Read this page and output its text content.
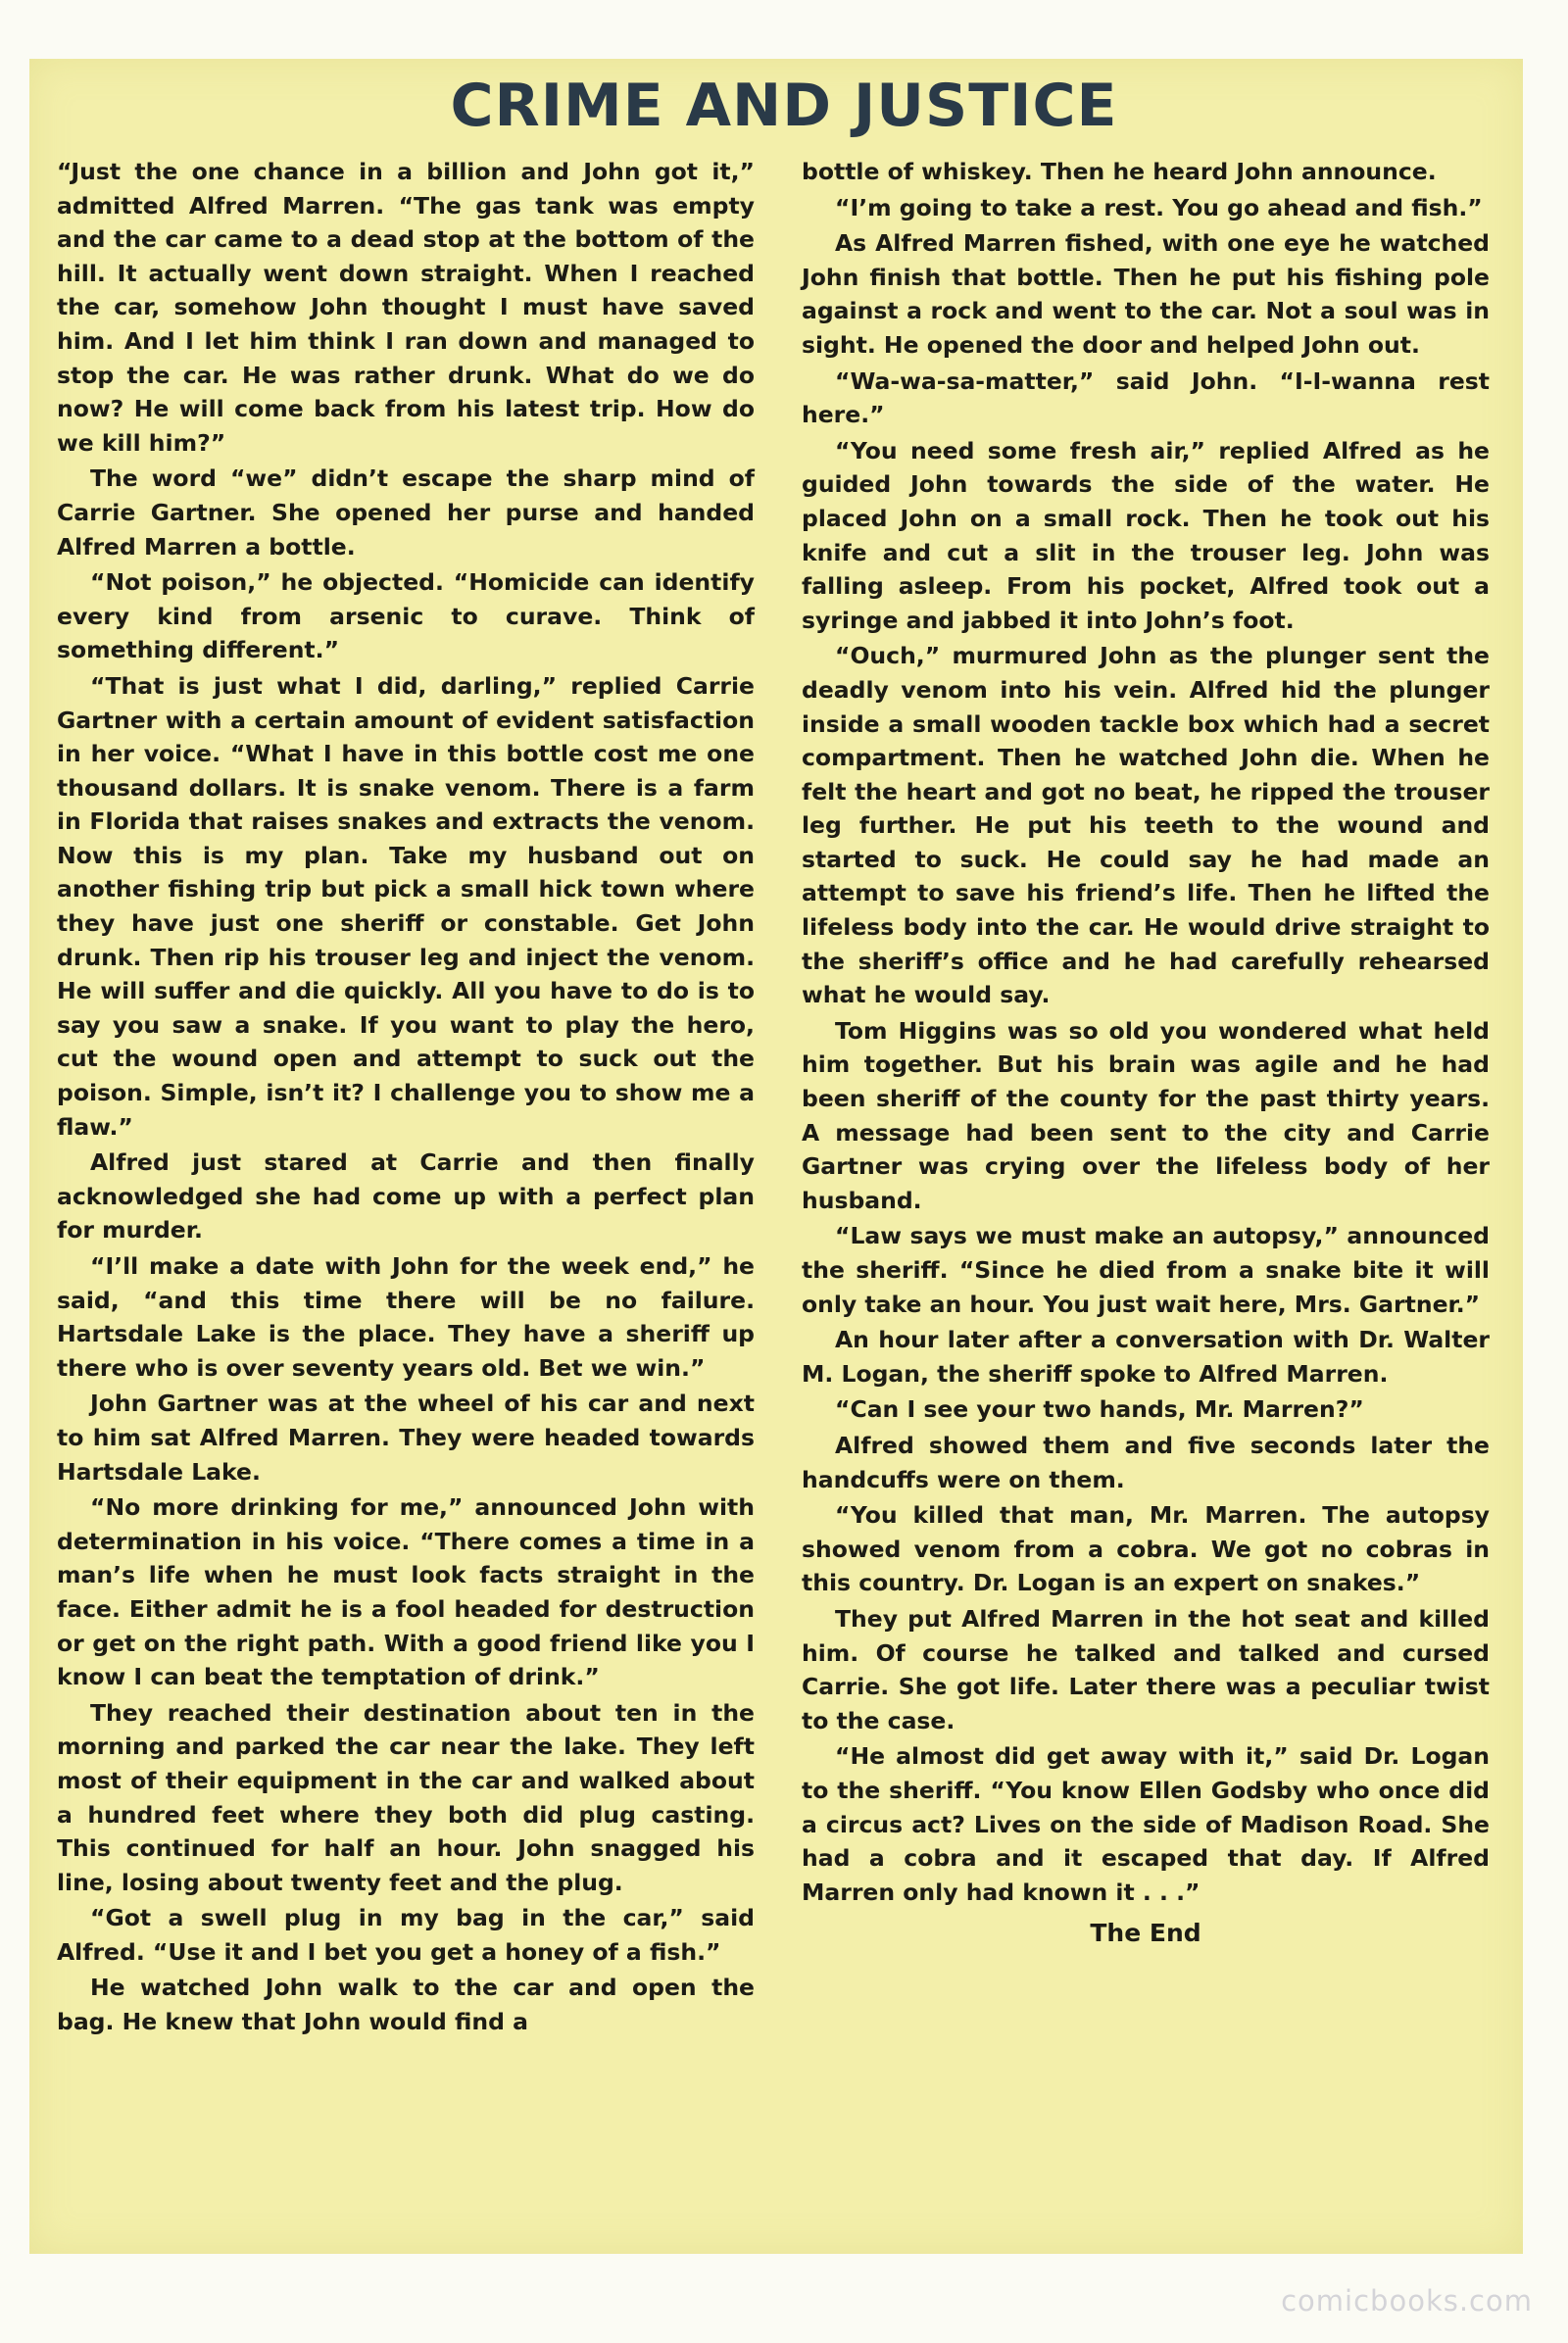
CRIME AND JUSTICE

“Just the one chance in a billion and John got it,” admitted Alfred Marren. “The gas tank was empty and the car came to a dead stop at the bottom of the hill. It actually went down straight. When I reached the car, somehow John thought I must have saved him. And I let him think I ran down and managed to stop the car. He was rather drunk. What do we do now? He will come back from his latest trip. How do we kill him?”

The word “we” didn’t escape the sharp mind of Carrie Gartner. She opened her purse and handed Alfred Marren a bottle.

“Not poison,” he objected. “Homicide can identify every kind from arsenic to curave. Think of something different.”

“That is just what I did, darling,” replied Carrie Gartner with a certain amount of evident satisfaction in her voice. “What I have in this bottle cost me one thousand dollars. It is snake venom. There is a farm in Florida that raises snakes and extracts the venom. Now this is my plan. Take my husband out on another fishing trip but pick a small hick town where they have just one sheriff or constable. Get John drunk. Then rip his trouser leg and inject the venom. He will suffer and die quickly. All you have to do is to say you saw a snake. If you want to play the hero, cut the wound open and attempt to suck out the poison. Simple, isn’t it? I challenge you to show me a flaw.”

Alfred just stared at Carrie and then finally acknowledged she had come up with a perfect plan for murder.

“I’ll make a date with John for the week end,” he said, “and this time there will be no failure. Hartsdale Lake is the place. They have a sheriff up there who is over seventy years old. Bet we win.”

John Gartner was at the wheel of his car and next to him sat Alfred Marren. They were headed towards Hartsdale Lake.

“No more drinking for me,” announced John with determination in his voice. “There comes a time in a man’s life when he must look facts straight in the face. Either admit he is a fool headed for destruction or get on the right path. With a good friend like you I know I can beat the temptation of drink.”

They reached their destination about ten in the morning and parked the car near the lake. They left most of their equipment in the car and walked about a hundred feet where they both did plug casting. This continued for half an hour. John snagged his line, losing about twenty feet and the plug.

“Got a swell plug in my bag in the car,” said Alfred. “Use it and I bet you get a honey of a fish.”

He watched John walk to the car and open the bag. He knew that John would find a

bottle of whiskey. Then he heard John announce.

“I’m going to take a rest. You go ahead and fish.”

As Alfred Marren fished, with one eye he watched John finish that bottle. Then he put his fishing pole against a rock and went to the car. Not a soul was in sight. He opened the door and helped John out.

“Wa-wa-sa-matter,” said John. “I-I-wanna rest here.”

“You need some fresh air,” replied Alfred as he guided John towards the side of the water. He placed John on a small rock. Then he took out his knife and cut a slit in the trouser leg. John was falling asleep. From his pocket, Alfred took out a syringe and jabbed it into John’s foot.

“Ouch,” murmured John as the plunger sent the deadly venom into his vein. Alfred hid the plunger inside a small wooden tackle box which had a secret compartment. Then he watched John die. When he felt the heart and got no beat, he ripped the trouser leg further. He put his teeth to the wound and started to suck. He could say he had made an attempt to save his friend’s life. Then he lifted the lifeless body into the car. He would drive straight to the sheriff’s office and he had carefully rehearsed what he would say.

Tom Higgins was so old you wondered what held him together. But his brain was agile and he had been sheriff of the county for the past thirty years. A message had been sent to the city and Carrie Gartner was crying over the lifeless body of her husband.

“Law says we must make an autopsy,” announced the sheriff. “Since he died from a snake bite it will only take an hour. You just wait here, Mrs. Gartner.”

An hour later after a conversation with Dr. Walter M. Logan, the sheriff spoke to Alfred Marren.

“Can I see your two hands, Mr. Marren?”

Alfred showed them and five seconds later the handcuffs were on them.

“You killed that man, Mr. Marren. The autopsy showed venom from a cobra. We got no cobras in this country. Dr. Logan is an expert on snakes.”

They put Alfred Marren in the hot seat and killed him. Of course he talked and talked and cursed Carrie. She got life. Later there was a peculiar twist to the case.

“He almost did get away with it,” said Dr. Logan to the sheriff. “You know Ellen Godsby who once did a circus act? Lives on the side of Madison Road. She had a cobra and it escaped that day. If Alfred Marren only had known it . . .”

The End
comicbooks.com
